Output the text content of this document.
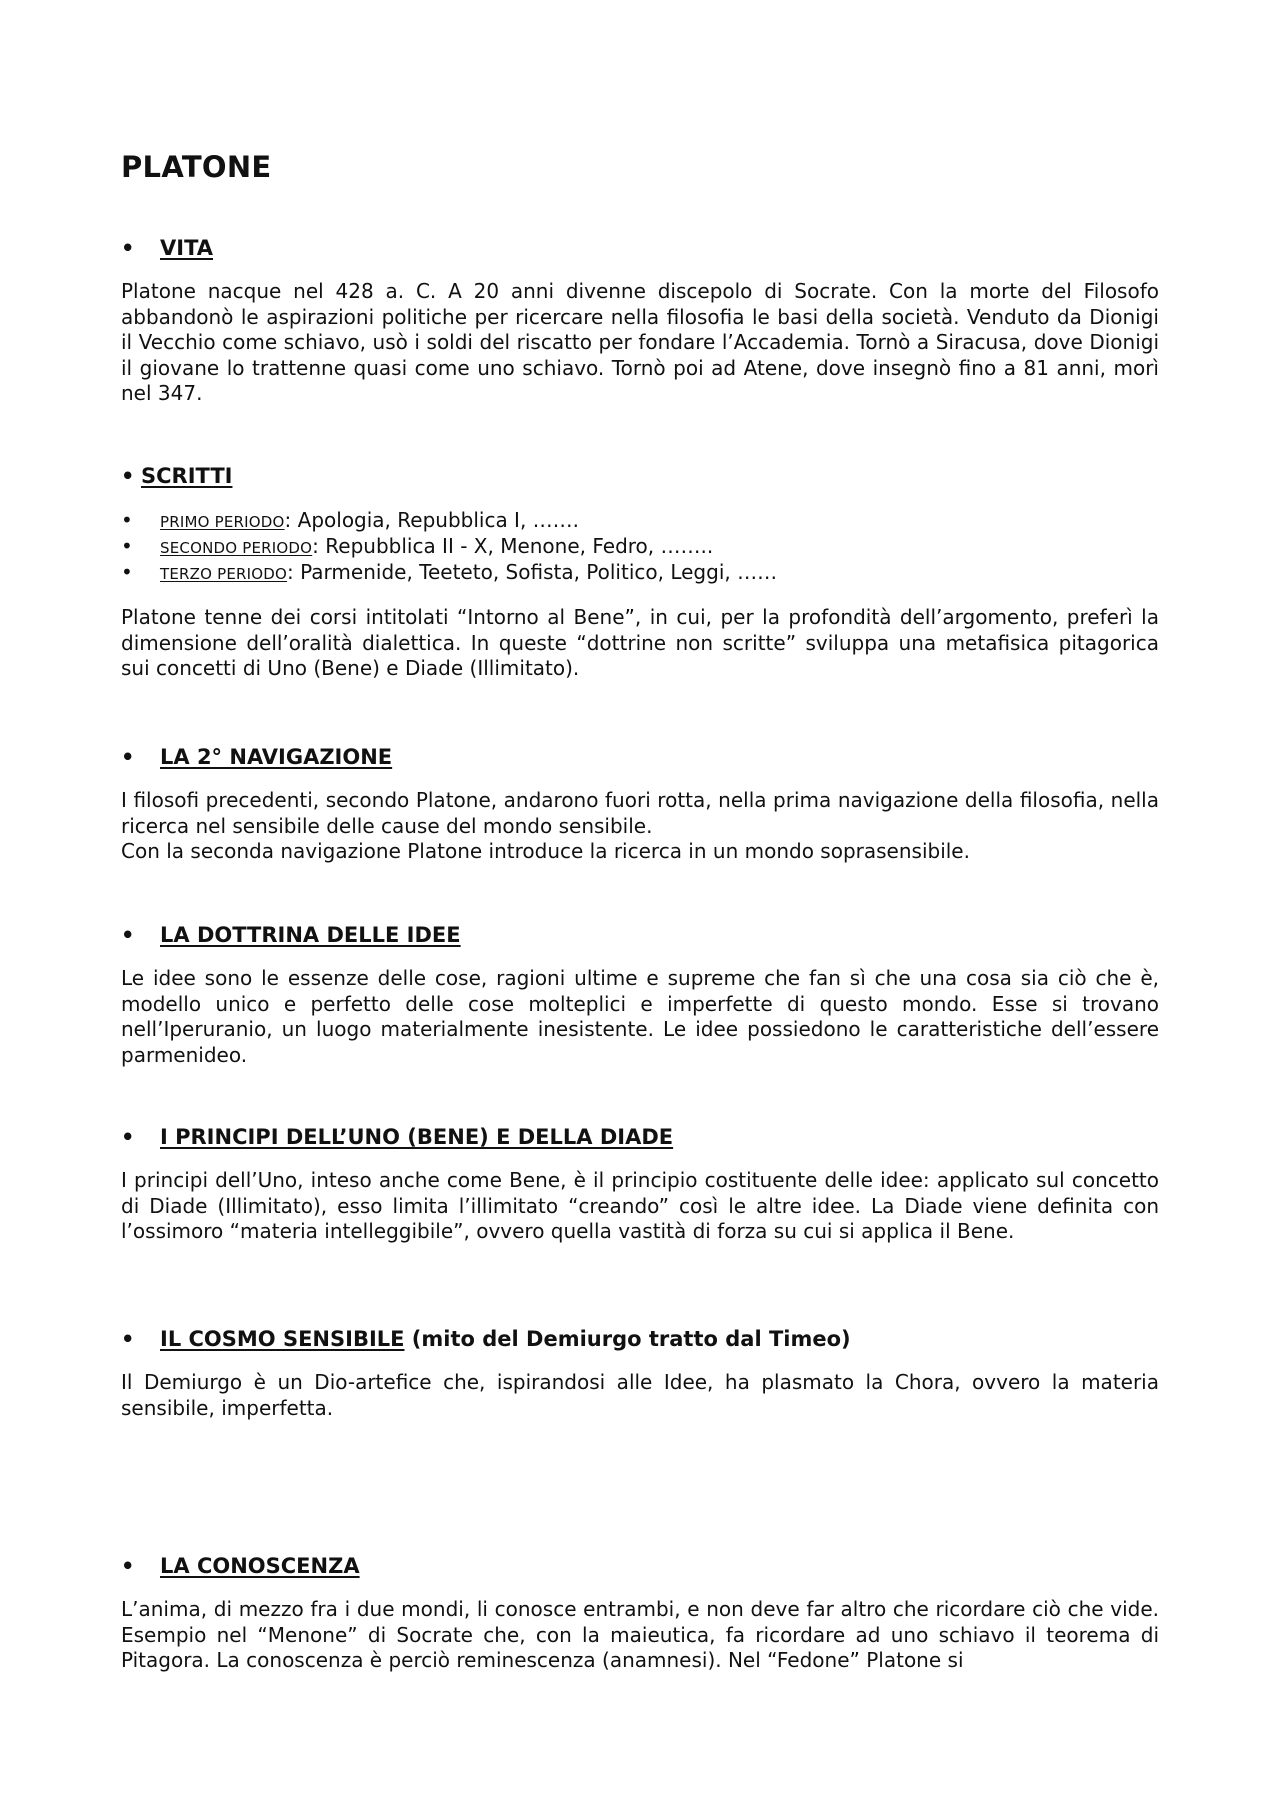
PLATONE
• VITA

Platone nacque nel 428 a. C. A 20 anni divenne discepolo di Socrate. Con la morte del Filosofo abbandonò le aspirazioni politiche per ricercare nella filosofia le basi della società. Venduto da Dionigi il Vecchio come schiavo, usò i soldi del riscatto per fondare l’Accademia. Tornò a Siracusa, dove Dionigi il giovane lo trattenne quasi come uno schiavo. Tornò poi ad Atene, dove insegnò fino a 81 anni, morì nel 347.

• SCRITTI
• PRIMO PERIODO: Apologia, Repubblica I, …….
• SECONDO PERIODO: Repubblica II - X, Menone, Fedro, ……..
• TERZO PERIODO: Parmenide, Teeteto, Sofista, Politico, Leggi, ……

Platone tenne dei corsi intitolati “Intorno al Bene”, in cui, per la profondità dell’argomento, preferì la dimensione dell’oralità dialettica. In queste “dottrine non scritte” sviluppa una metafisica pitagorica sui concetti di Uno (Bene) e Diade (Illimitato).

• LA 2° NAVIGAZIONE

I filosofi precedenti, secondo Platone, andarono fuori rotta, nella prima navigazione della filosofia, nella ricerca nel sensibile delle cause del mondo sensibile.

Con la seconda navigazione Platone introduce la ricerca in un mondo soprasensibile.

• LA DOTTRINA DELLE IDEE

Le idee sono le essenze delle cose, ragioni ultime e supreme che fan sì che una cosa sia ciò che è, modello unico e perfetto delle cose molteplici e imperfette di questo mondo. Esse si trovano nell’Iperuranio, un luogo materialmente inesistente. Le idee possiedono le caratteristiche dell’essere parmenideo.

• I PRINCIPI DELL’UNO (BENE) E DELLA DIADE

I principi dell’Uno, inteso anche come Bene, è il principio costituente delle idee: applicato sul concetto di Diade (Illimitato), esso limita l’illimitato “creando” così le altre idee. La Diade viene definita con l’ossimoro “materia intelleggibile”, ovvero quella vastità di forza su cui si applica il Bene.

• IL COSMO SENSIBILE (mito del Demiurgo tratto dal Timeo)

Il Demiurgo è un Dio-artefice che, ispirandosi alle Idee, ha plasmato la Chora, ovvero la materia sensibile, imperfetta.

• LA CONOSCENZA

L’anima, di mezzo fra i due mondi, li conosce entrambi, e non deve far altro che ricordare ciò che vide. Esempio nel “Menone” di Socrate che, con la maieutica, fa ricordare ad uno schiavo il teorema di Pitagora. La conoscenza è perciò reminescenza (anamnesi). Nel “Fedone” Platone si
